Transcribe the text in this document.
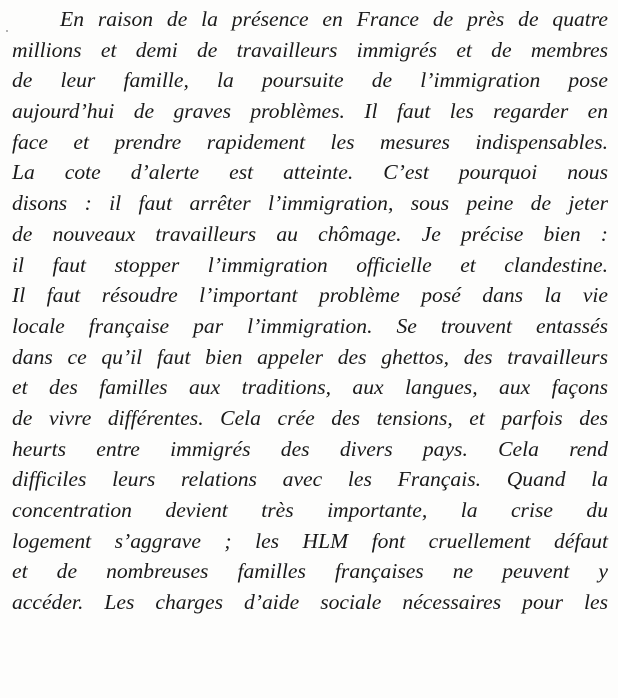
En raison de la présence en France de près de quatre
millions et demi de travailleurs immigrés et de membres
de leur famille, la poursuite de l’immigration pose
aujourd’hui de graves problèmes. Il faut les regarder en
face et prendre rapidement les mesures indispensables.
La cote d’alerte est atteinte. C’est pourquoi nous
disons : il faut arrêter l’immigration, sous peine de jeter
de nouveaux travailleurs au chômage. Je précise bien :
il faut stopper l’immigration officielle et clandestine.
Il faut résoudre l’important problème posé dans la vie
locale française par l’immigration. Se trouvent entassés
dans ce qu’il faut bien appeler des ghettos, des travailleurs
et des familles aux traditions, aux langues, aux façons
de vivre différentes. Cela crée des tensions, et parfois des
heurts entre immigrés des divers pays. Cela rend
difficiles leurs relations avec les Français. Quand la
concentration devient très importante, la crise du
logement s’aggrave ; les HLM font cruellement défaut
et de nombreuses familles françaises ne peuvent y
accéder. Les charges d’aide sociale nécessaires pour les
